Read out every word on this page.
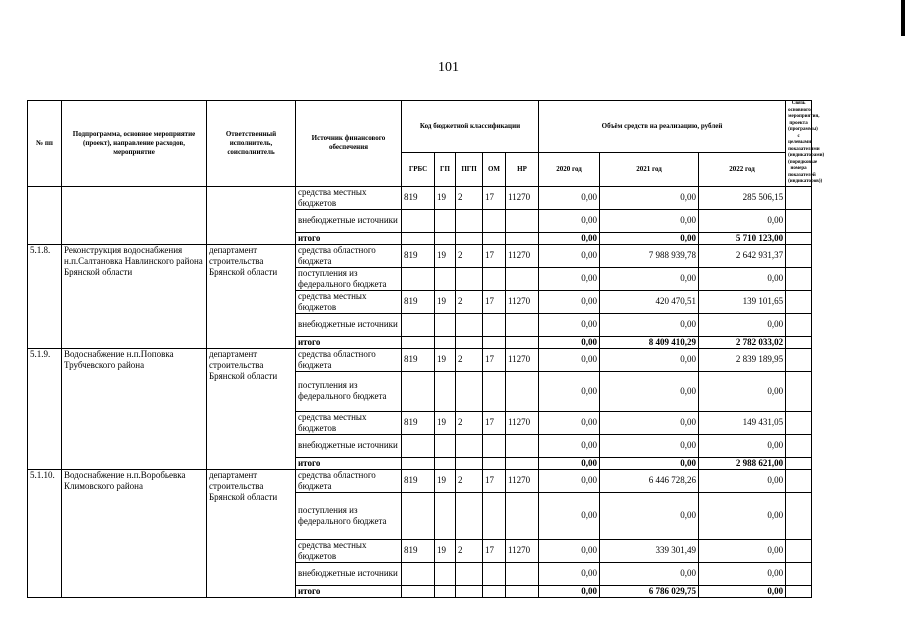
101
№ пп	Подпрограмма, основное мероприятие (проект), направление расходов, мероприятие	Ответственный исполнитель, соисполнитель	Источник финансового обеспечения	Код бюджетной классификации					Объём средств на реализацию, рублей			Связь основного мероприятия, проекта (программы) с целевыми показателями (индикаторами) (порядковые номера показателей (индикаторов))
				ГРБС	ГП	ПГП	ОМ	НР	2020 год	2021 год	2022 год	
			средства местных бюджетов	819	19	2	17	11270	0,00	0,00	285 506,15	
			внебюджетные источники						0,00	0,00	0,00	
			итого						0,00	0,00	5 710 123,00	
5.1.8.	Реконструкция водоснабжения н.п.Салтановка Навлинского района Брянской области	департамент строительства Брянской области	средства областного бюджета	819	19	2	17	11270	0,00	7 988 939,78	2 642 931,37	
			поступления из федерального бюджета						0,00	0,00	0,00	
			средства местных бюджетов	819	19	2	17	11270	0,00	420 470,51	139 101,65	
			внебюджетные источники						0,00	0,00	0,00	
			итого						0,00	8 409 410,29	2 782 033,02	
5.1.9.	Водоснабжение н.п.Поповка Трубчевского района	департамент строительства Брянской области	средства областного бюджета	819	19	2	17	11270	0,00	0,00	2 839 189,95	
			поступления из федерального бюджета						0,00	0,00	0,00	
			средства местных бюджетов	819	19	2	17	11270	0,00	0,00	149 431,05	
			внебюджетные источники						0,00	0,00	0,00	
			итого						0,00	0,00	2 988 621,00	
5.1.10.	Водоснабжение н.п.Воробьевка Климовского района	департамент строительства Брянской области	средства областного бюджета	819	19	2	17	11270	0,00	6 446 728,26	0,00	
			поступления из федерального бюджета						0,00	0,00	0,00	
			средства местных бюджетов	819	19	2	17	11270	0,00	339 301,49	0,00	
			внебюджетные источники						0,00	0,00	0,00	
			итого						0,00	6 786 029,75	0,00	
